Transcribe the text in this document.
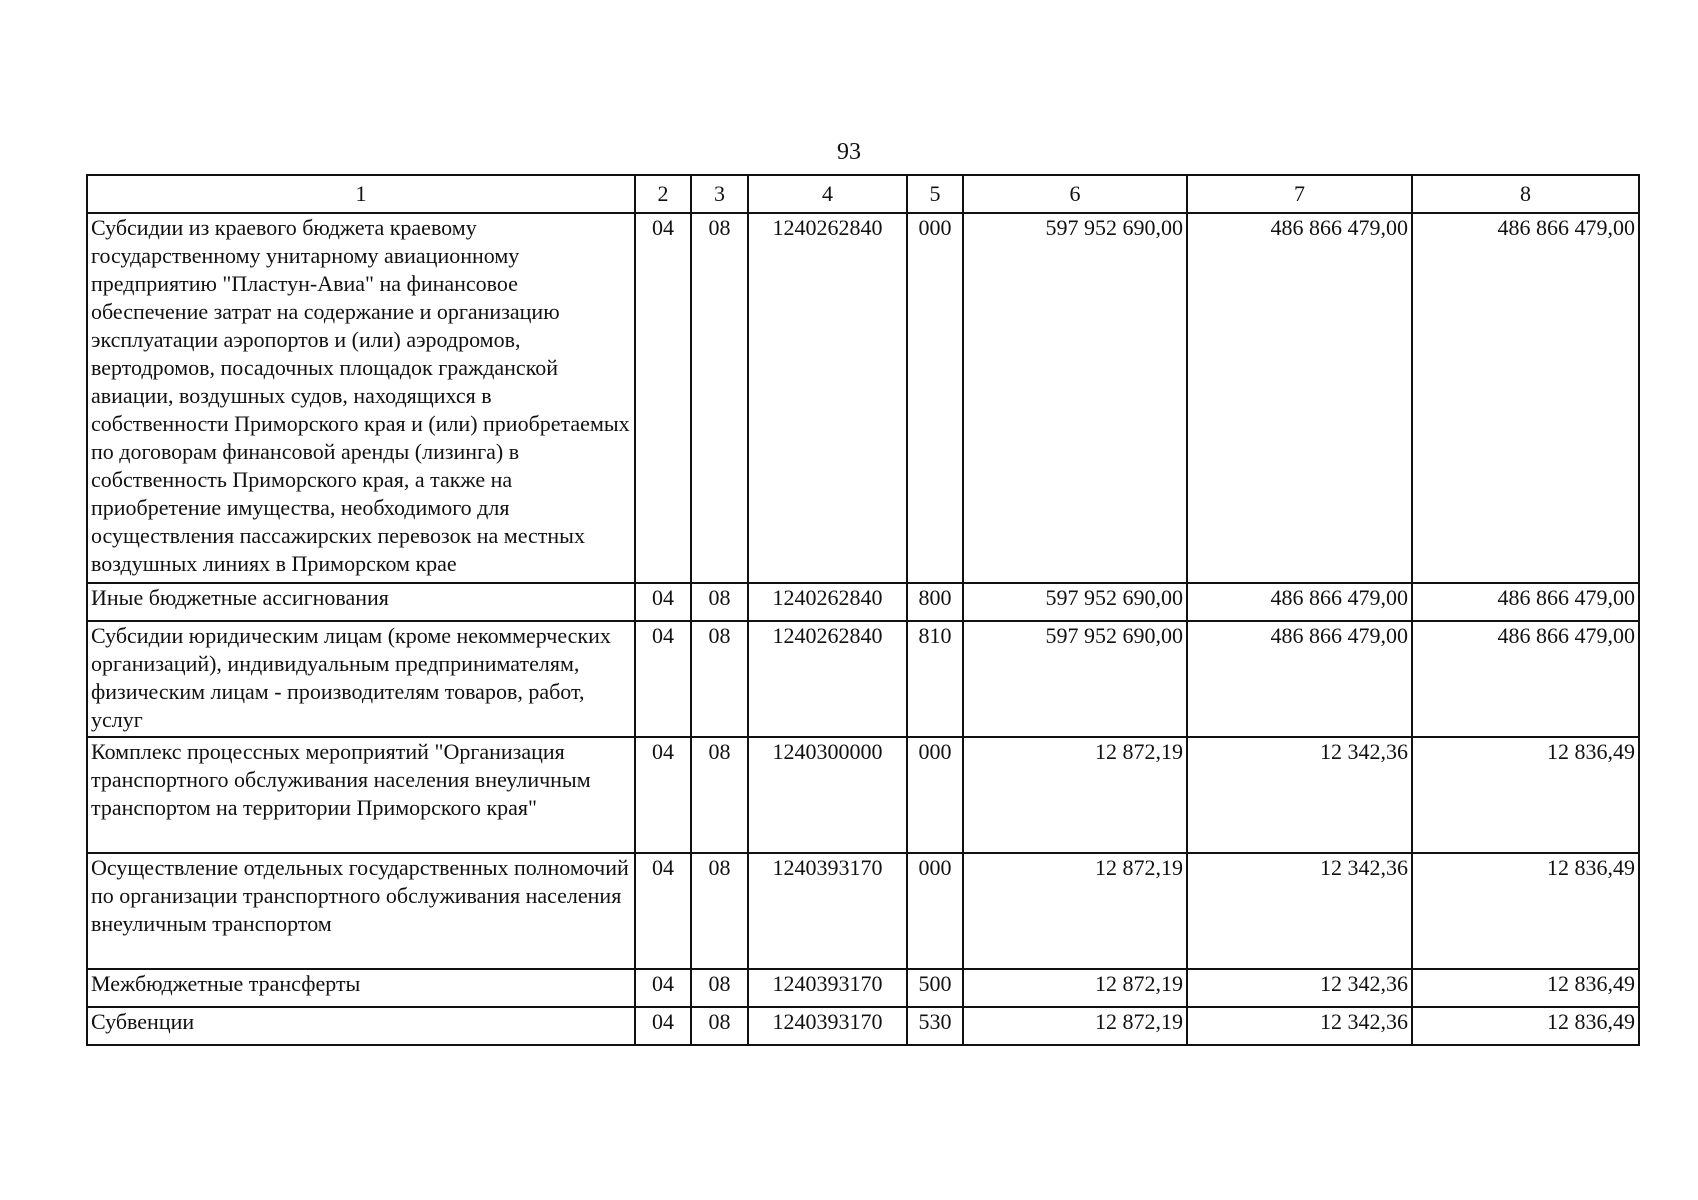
93
1	2	3	4	5	6	7	8
Субсидии из краевого бюджета краевому государственному унитарному авиационному предприятию "Пластун-Авиа" на финансовое обеспечение затрат на содержание и организацию эксплуатации аэропортов и (или) аэродромов, вертодромов, посадочных площадок гражданской авиации, воздушных судов, находящихся в собственности Приморского края и (или) приобретаемых по договорам финансовой аренды (лизинга) в собственность Приморского края, а также на приобретение имущества, необходимого для осуществления пассажирских перевозок на местных воздушных линиях в Приморском крае	04	08	1240262840	000	597 952 690,00	486 866 479,00	486 866 479,00
Иные бюджетные ассигнования	04	08	1240262840	800	597 952 690,00	486 866 479,00	486 866 479,00
Субсидии юридическим лицам (кроме некоммерческих организаций), индивидуальным предпринимателям, физическим лицам - производителям товаров, работ, услуг	04	08	1240262840	810	597 952 690,00	486 866 479,00	486 866 479,00
Комплекс процессных мероприятий "Организация транспортного обслуживания населения внеуличным транспортом на территории Приморского края"	04	08	1240300000	000	12 872,19	12 342,36	12 836,49
Осуществление отдельных государственных полномочий по организации транспортного обслуживания населения внеуличным транспортом	04	08	1240393170	000	12 872,19	12 342,36	12 836,49
Межбюджетные трансферты	04	08	1240393170	500	12 872,19	12 342,36	12 836,49
Субвенции	04	08	1240393170	530	12 872,19	12 342,36	12 836,49
